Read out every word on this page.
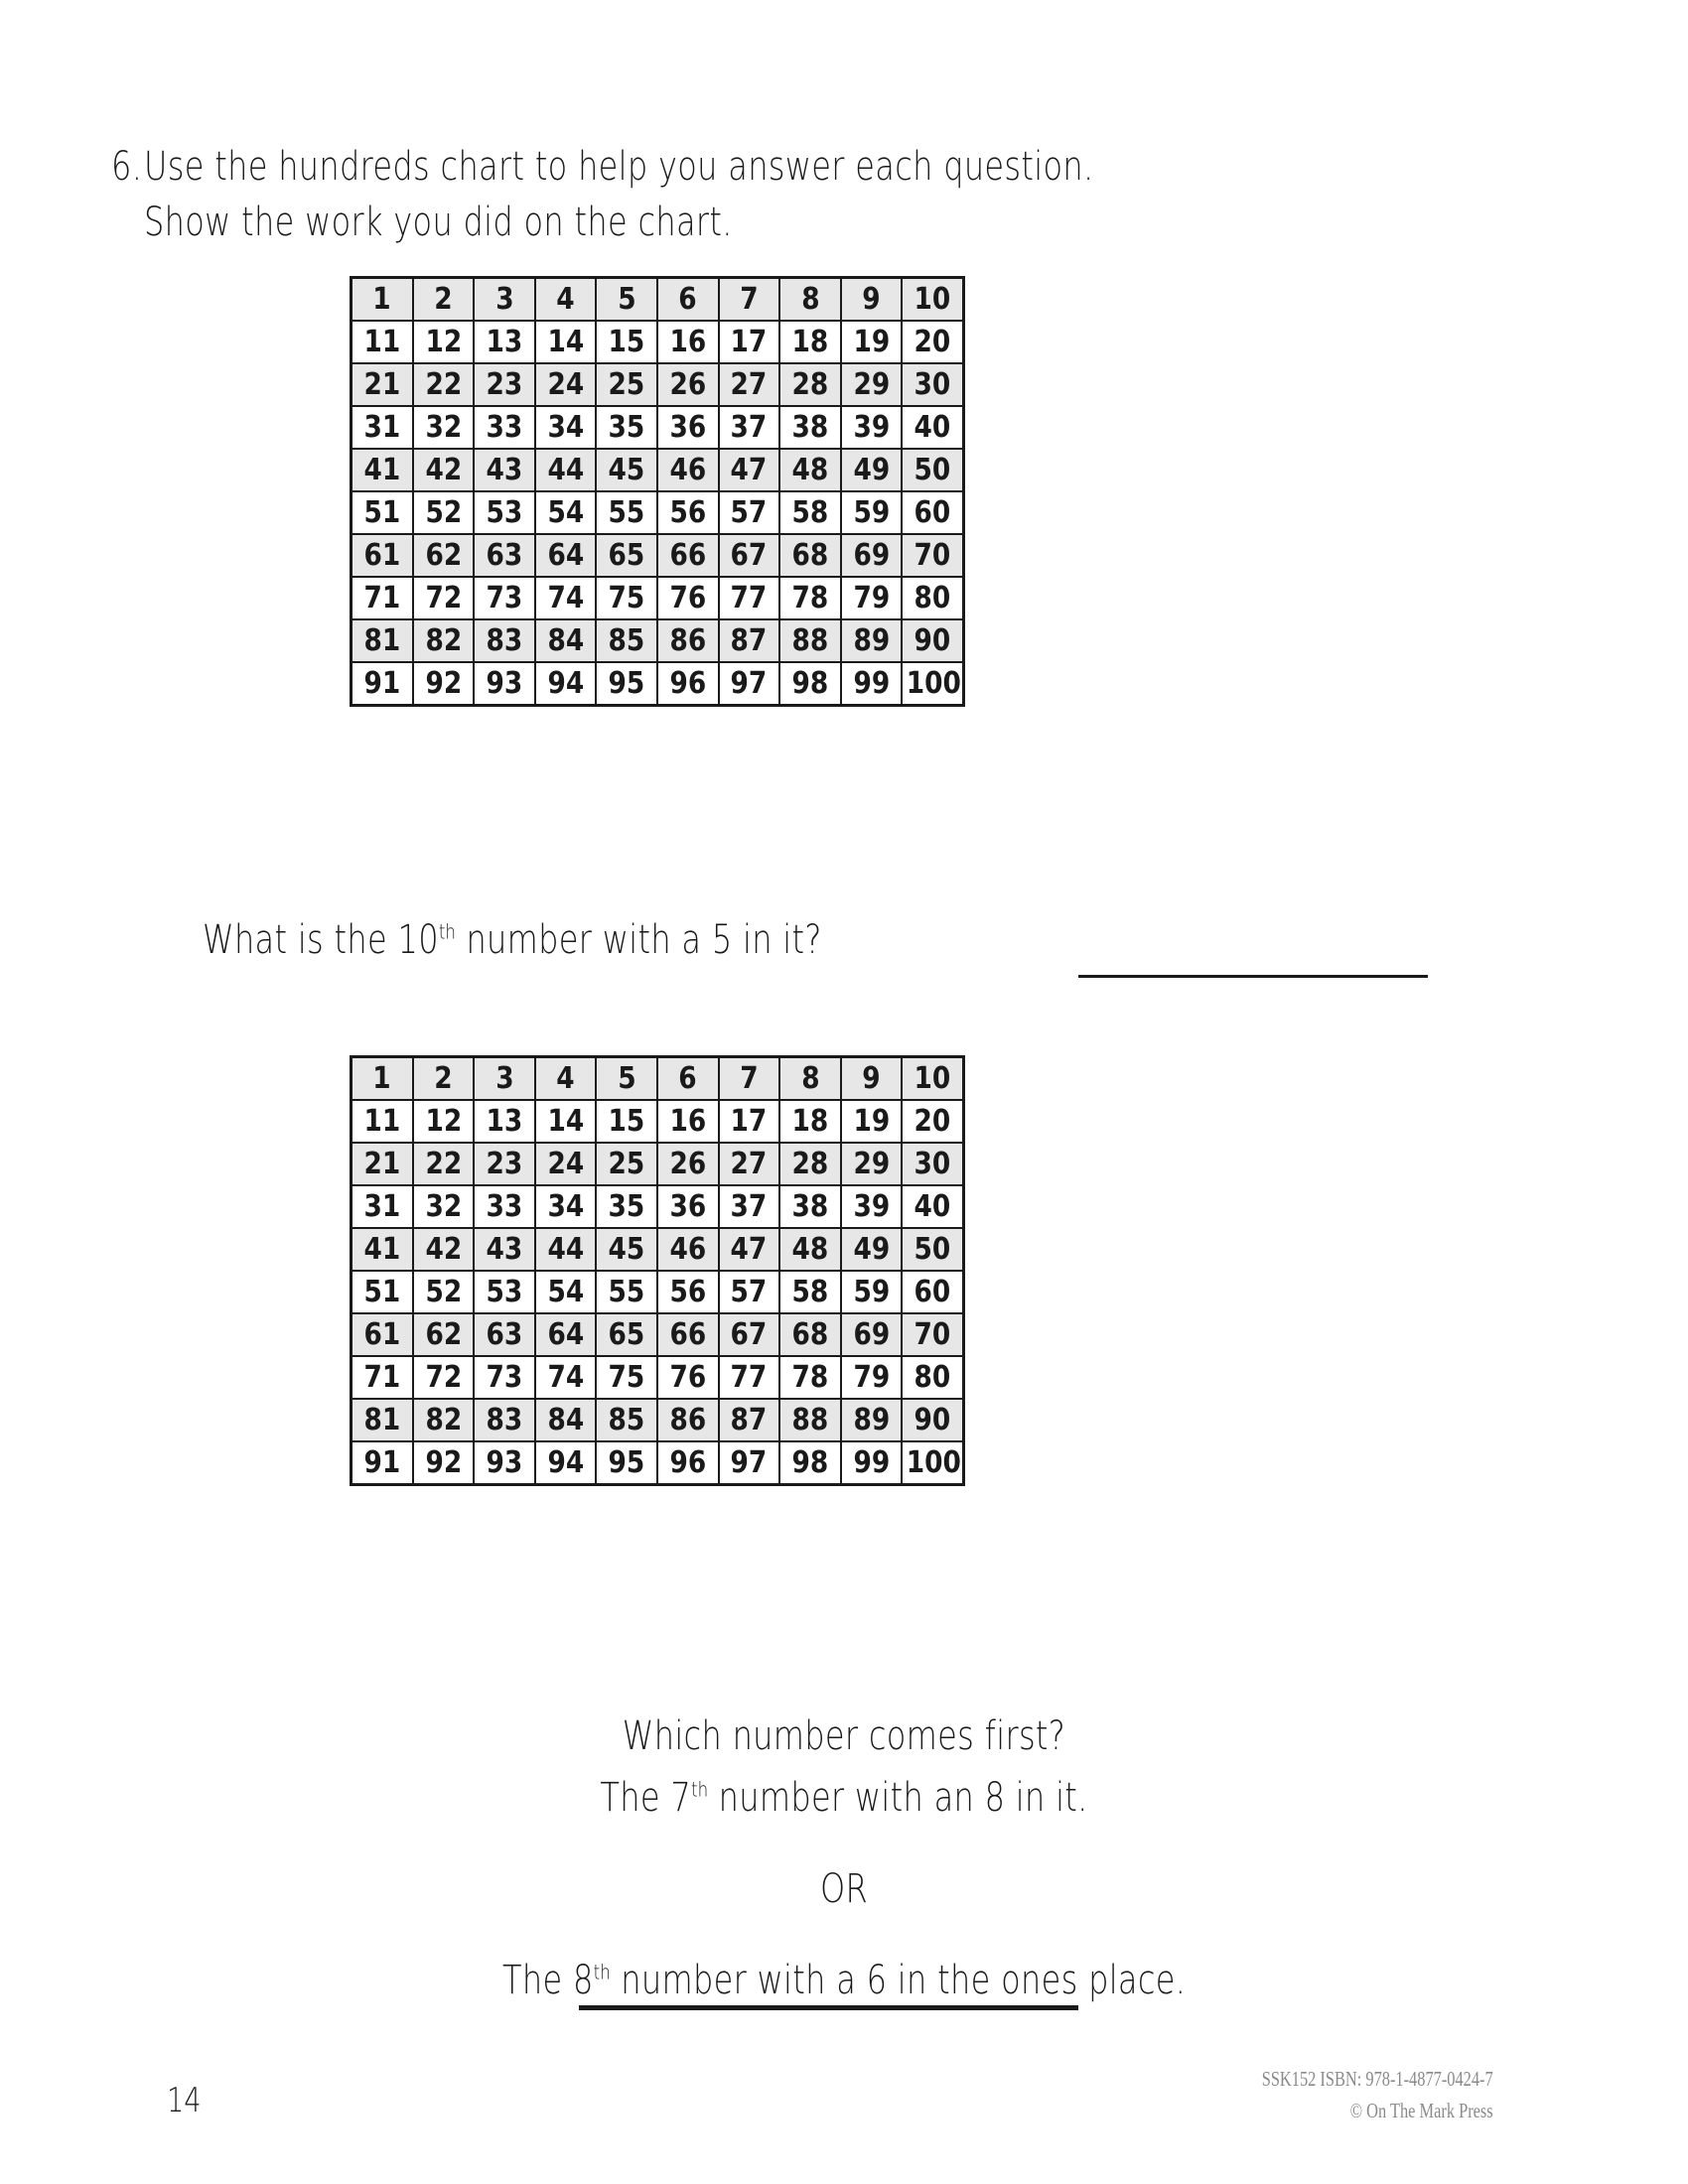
6. Use the hundreds chart to help you answer each question.
Show the work you did on the chart.
1	2	3	4	5	6	7	8	9	10
11	12	13	14	15	16	17	18	19	20
21	22	23	24	25	26	27	28	29	30
31	32	33	34	35	36	37	38	39	40
41	42	43	44	45	46	47	48	49	50
51	52	53	54	55	56	57	58	59	60
61	62	63	64	65	66	67	68	69	70
71	72	73	74	75	76	77	78	79	80
81	82	83	84	85	86	87	88	89	90
91	92	93	94	95	96	97	98	99	100
What is the 10th number with a 5 in it?
1	2	3	4	5	6	7	8	9	10
11	12	13	14	15	16	17	18	19	20
21	22	23	24	25	26	27	28	29	30
31	32	33	34	35	36	37	38	39	40
41	42	43	44	45	46	47	48	49	50
51	52	53	54	55	56	57	58	59	60
61	62	63	64	65	66	67	68	69	70
71	72	73	74	75	76	77	78	79	80
81	82	83	84	85	86	87	88	89	90
91	92	93	94	95	96	97	98	99	100
Which number comes first?
The 7th number with an 8 in it.
OR
The 8th number with a 6 in the ones place.
14
SSK152 ISBN: 978-1-4877-0424-7
© On The Mark Press
